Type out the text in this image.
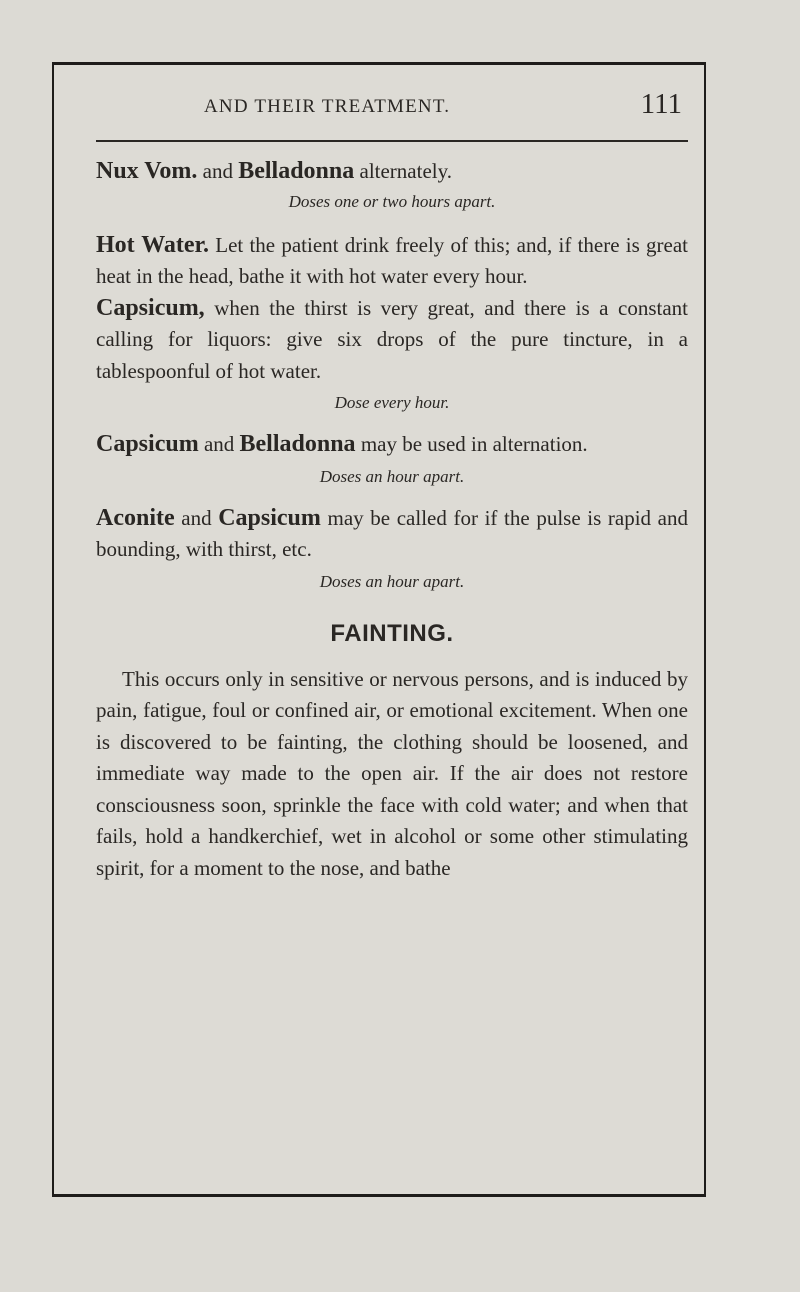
AND THEIR TREATMENT.	111

Nux Vom. and Belladonna alternately.

Doses one or two hours apart.

Hot Water. Let the patient drink freely of this; and, if there is great heat in the head, bathe it with hot water every hour.

Capsicum, when the thirst is very great, and there is a constant calling for liquors: give six drops of the pure tincture, in a tablespoonful of hot water.

Dose every hour.

Capsicum and Belladonna may be used in alternation.

Doses an hour apart.

Aconite and Capsicum may be called for if the pulse is rapid and bounding, with thirst, etc.

Doses an hour apart.

FAINTING.

This occurs only in sensitive or nervous persons, and is induced by pain, fatigue, foul or confined air, or emotional excitement. When one is discovered to be fainting, the clothing should be loosened, and immediate way made to the open air. If the air does not restore consciousness soon, sprinkle the face with cold water; and when that fails, hold a handkerchief, wet in alcohol or some other stimulating spirit, for a moment to the nose, and bathe
